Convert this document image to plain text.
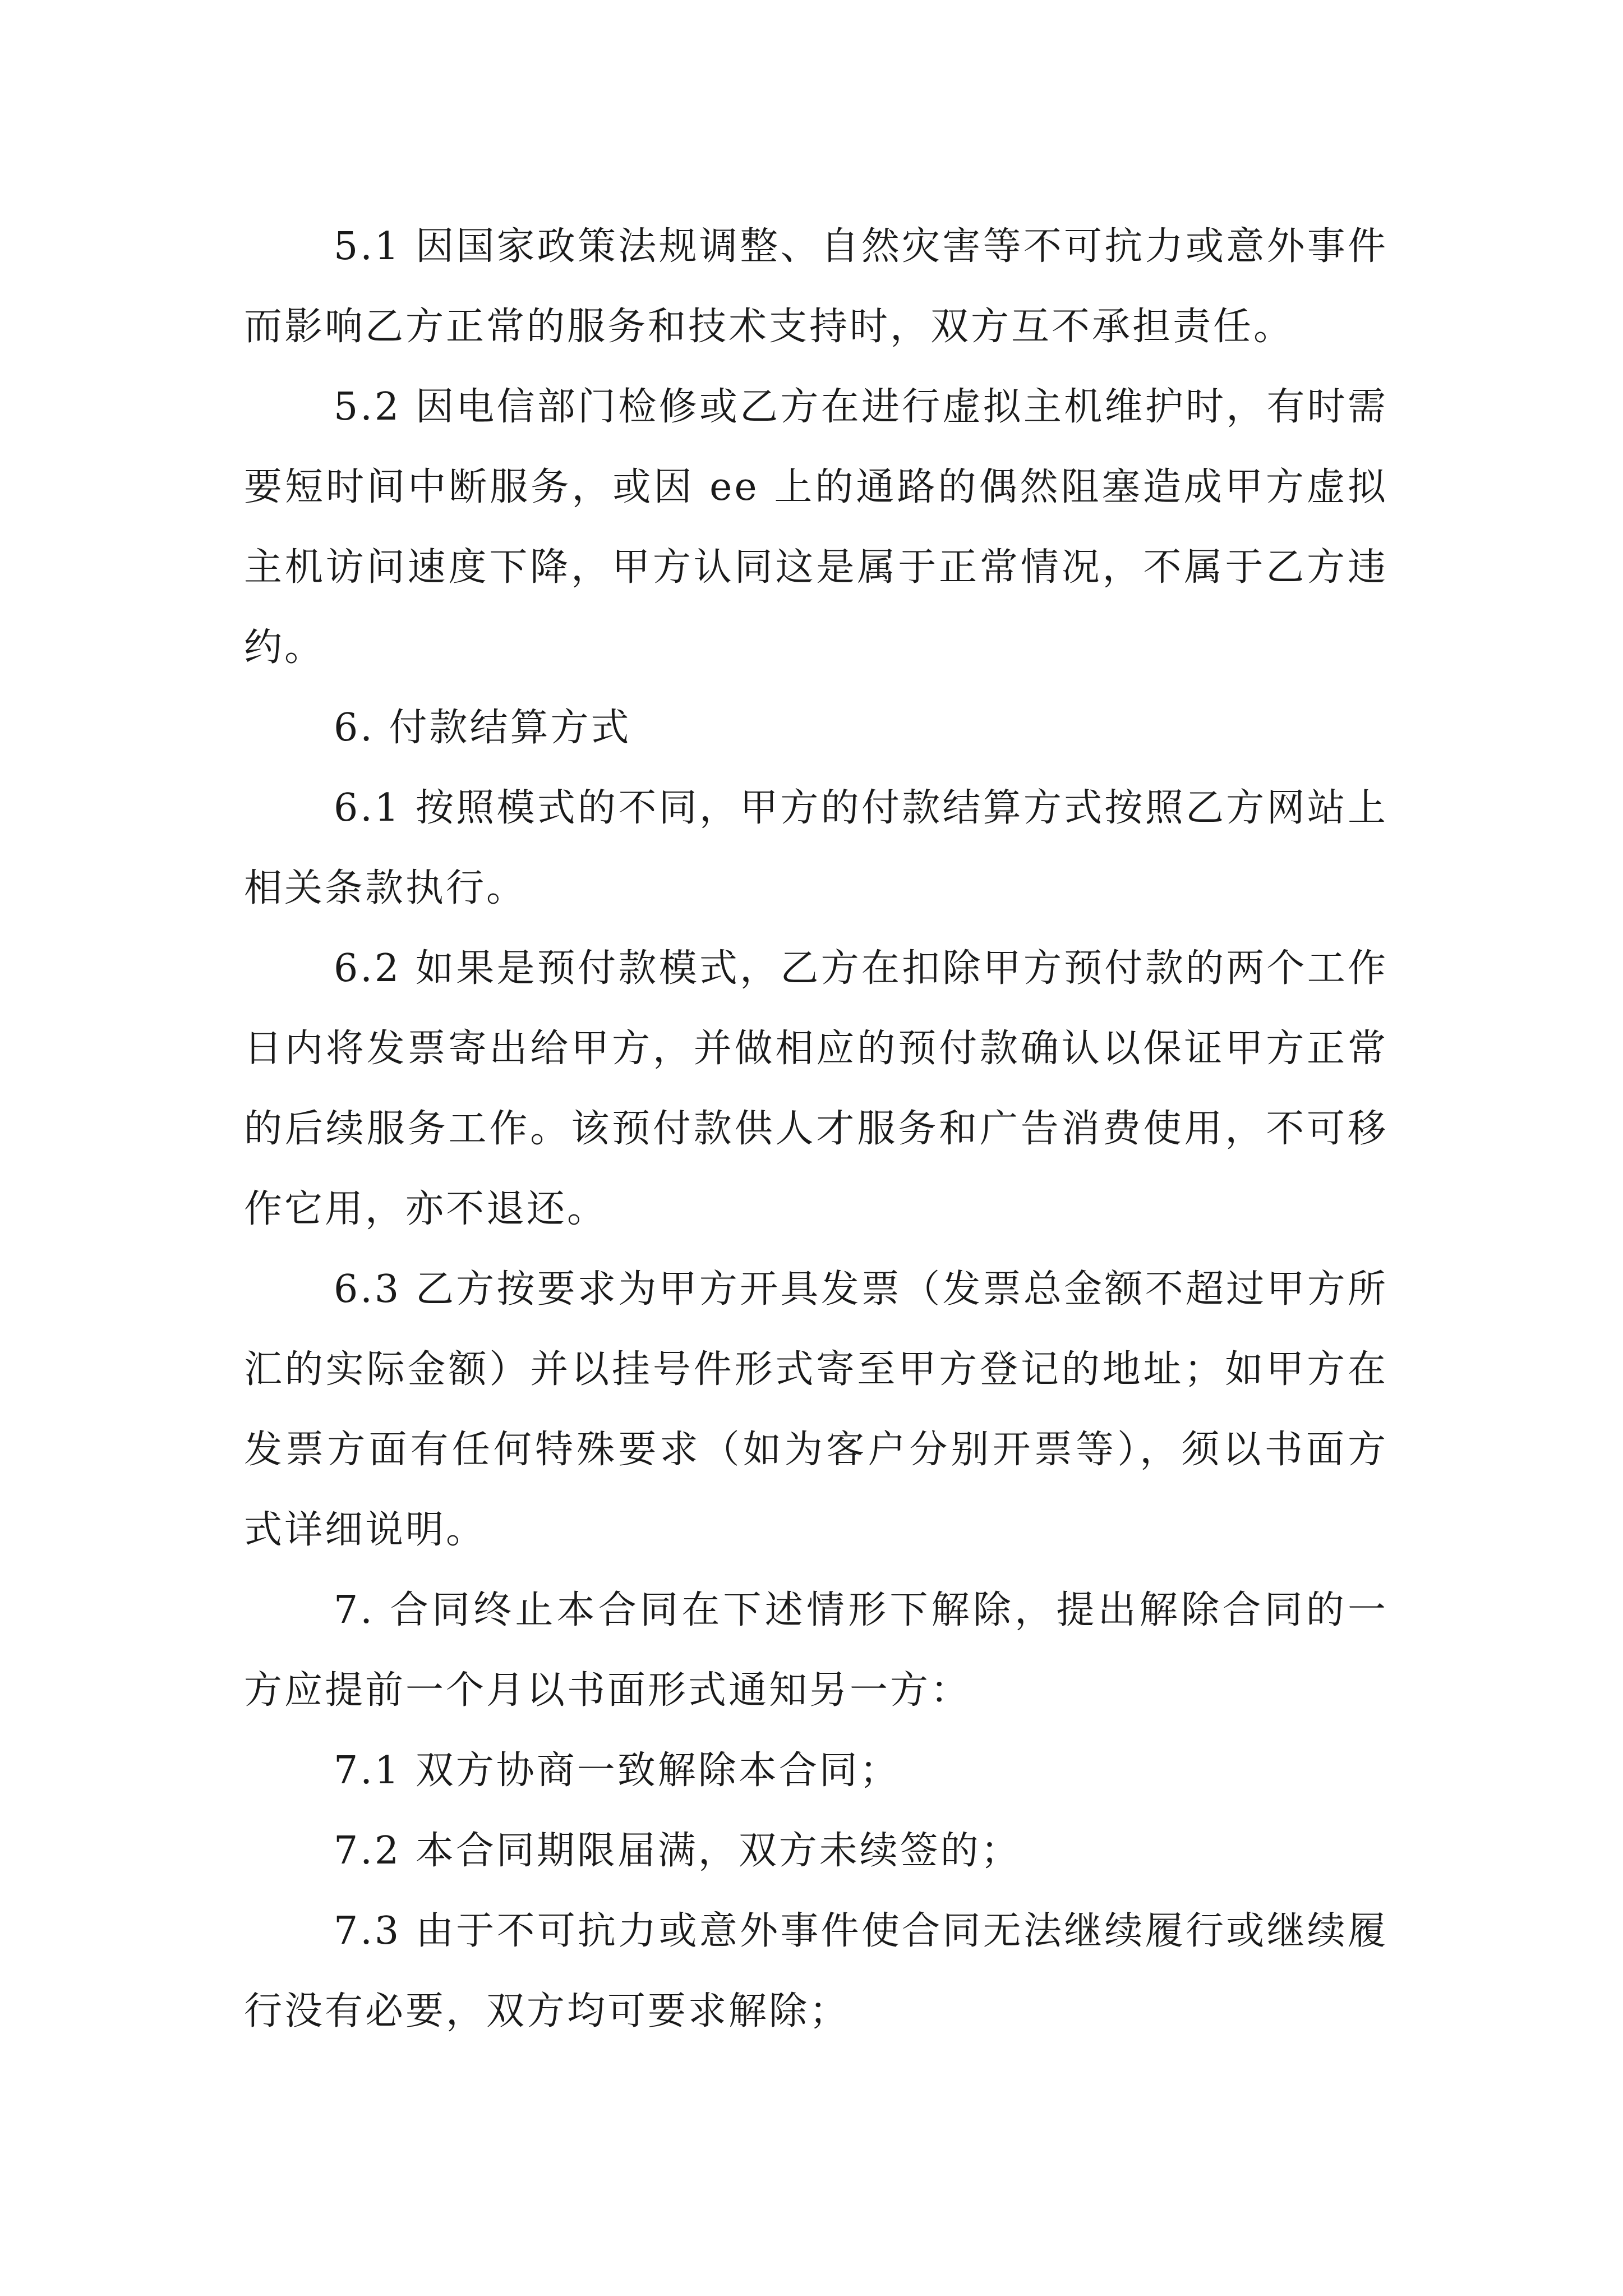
5.1 因国家政策法规调整、自然灾害等不可抗力或意外事件而影响乙方正常的服务和技术支持时，双方互不承担责任。

5.2 因电信部门检修或乙方在进行虚拟主机维护时，有时需要短时间中断服务，或因 ee 上的通路的偶然阻塞造成甲方虚拟主机访问速度下降，甲方认同这是属于正常情况，不属于乙方违约。

6. 付款结算方式

6.1 按照模式的不同，甲方的付款结算方式按照乙方网站上相关条款执行。

6.2 如果是预付款模式，乙方在扣除甲方预付款的两个工作日内将发票寄出给甲方，并做相应的预付款确认以保证甲方正常的后续服务工作。该预付款供人才服务和广告消费使用，不可移作它用，亦不退还。

6.3 乙方按要求为甲方开具发票（发票总金额不超过甲方所汇的实际金额）并以挂号件形式寄至甲方登记的地址；如甲方在发票方面有任何特殊要求（如为客户分别开票等），须以书面方式详细说明。

7. 合同终止本合同在下述情形下解除，提出解除合同的一方应提前一个月以书面形式通知另一方：

7.1 双方协商一致解除本合同；

7.2 本合同期限届满，双方未续签的；

7.3 由于不可抗力或意外事件使合同无法继续履行或继续履行没有必要，双方均可要求解除；
